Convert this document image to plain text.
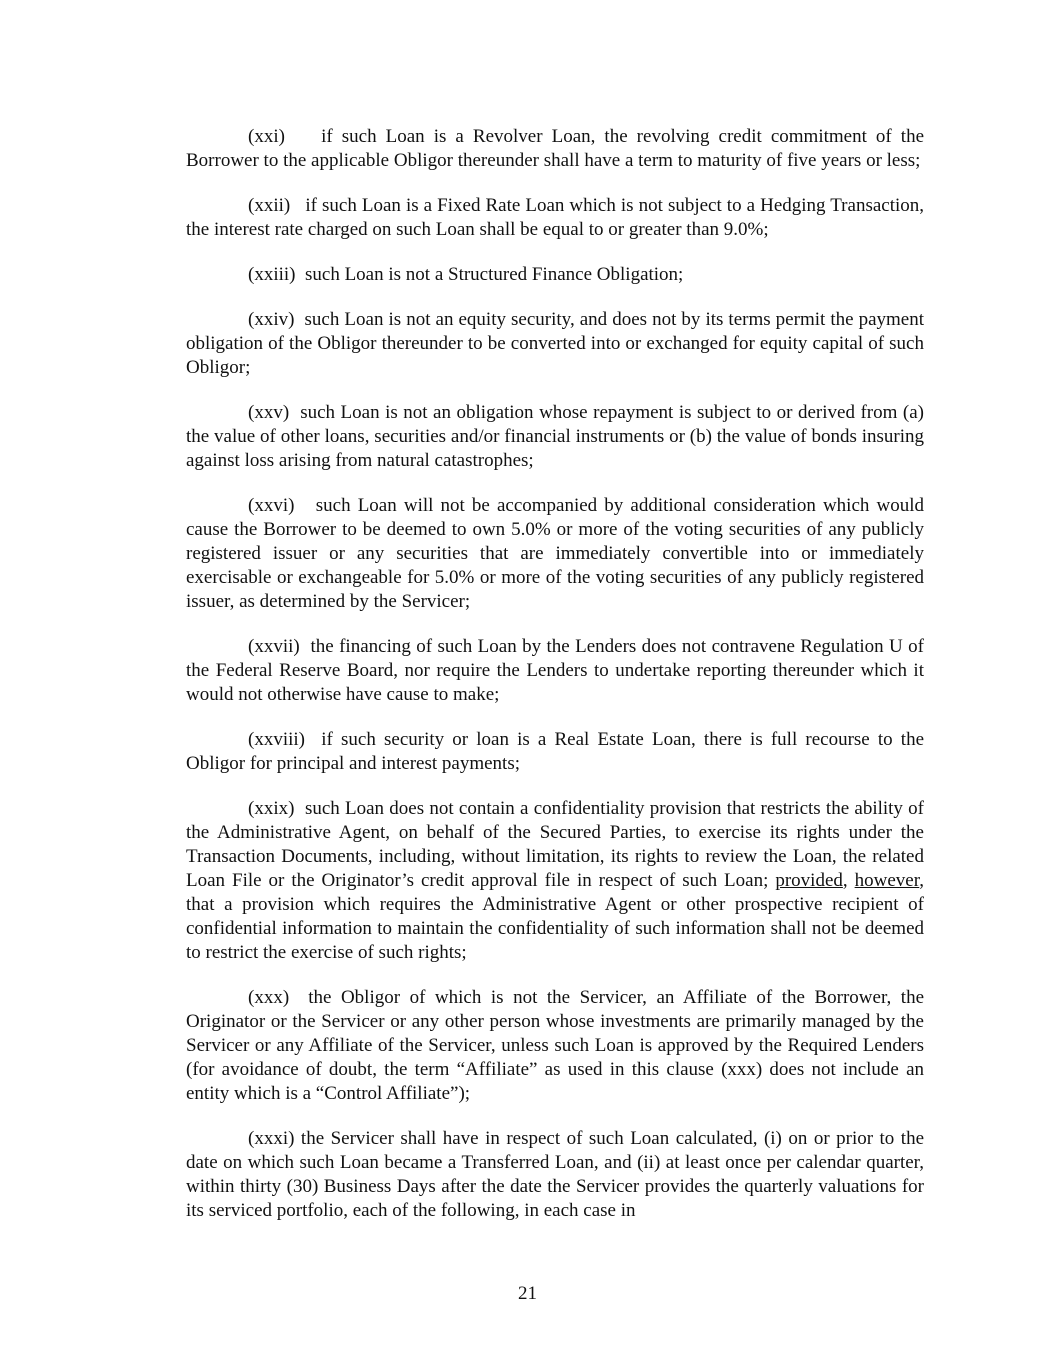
(xxi) if such Loan is a Revolver Loan, the revolving credit commitment of the Borrower to the applicable Obligor thereunder shall have a term to maturity of five years or less;

(xxii) if such Loan is a Fixed Rate Loan which is not subject to a Hedging Transaction, the interest rate charged on such Loan shall be equal to or greater than 9.0%;

(xxiii) such Loan is not a Structured Finance Obligation;

(xxiv) such Loan is not an equity security, and does not by its terms permit the payment obligation of the Obligor thereunder to be converted into or exchanged for equity capital of such Obligor;

(xxv) such Loan is not an obligation whose repayment is subject to or derived from (a) the value of other loans, securities and/or financial instruments or (b) the value of bonds insuring against loss arising from natural catastrophes;

(xxvi) such Loan will not be accompanied by additional consideration which would cause the Borrower to be deemed to own 5.0% or more of the voting securities of any publicly registered issuer or any securities that are immediately convertible into or immediately exercisable or exchangeable for 5.0% or more of the voting securities of any publicly registered issuer, as determined by the Servicer;

(xxvii) the financing of such Loan by the Lenders does not contravene Regulation U of the Federal Reserve Board, nor require the Lenders to undertake reporting thereunder which it would not otherwise have cause to make;

(xxviii) if such security or loan is a Real Estate Loan, there is full recourse to the Obligor for principal and interest payments;

(xxix) such Loan does not contain a confidentiality provision that restricts the ability of the Administrative Agent, on behalf of the Secured Parties, to exercise its rights under the Transaction Documents, including, without limitation, its rights to review the Loan, the related Loan File or the Originator’s credit approval file in respect of such Loan; provided, however, that a provision which requires the Administrative Agent or other prospective recipient of confidential information to maintain the confidentiality of such information shall not be deemed to restrict the exercise of such rights;

(xxx) the Obligor of which is not the Servicer, an Affiliate of the Borrower, the Originator or the Servicer or any other person whose investments are primarily managed by the Servicer or any Affiliate of the Servicer, unless such Loan is approved by the Required Lenders (for avoidance of doubt, the term “Affiliate” as used in this clause (xxx) does not include an entity which is a “Control Affiliate”);

(xxxi) the Servicer shall have in respect of such Loan calculated, (i) on or prior to the date on which such Loan became a Transferred Loan, and (ii) at least once per calendar quarter, within thirty (30) Business Days after the date the Servicer provides the quarterly valuations for its serviced portfolio, each of the following, in each case in

21
